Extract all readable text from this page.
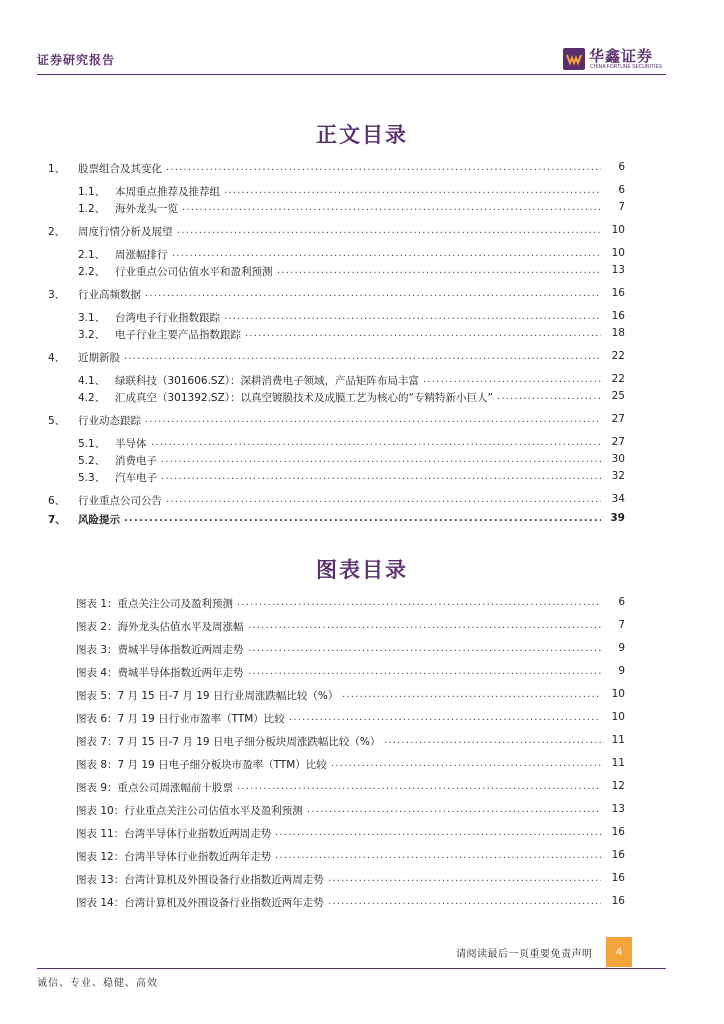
证券研究报告	华鑫证券
CHINA FORTUNE SECURITIES
正文目录
1、 股票组合及其变化 .....	6
1.1、 本周重点推荐及推荐组 .....	6
1.2、 海外龙头一览 .....	7
2、 周度行情分析及展望 .....	10
2.1、 周涨幅排行 .....	10
2.2、 行业重点公司估值水平和盈利预测 .....	13
3、 行业高频数据 .....	16
3.1、 台湾电子行业指数跟踪 .....	16
3.2、 电子行业主要产品指数跟踪 .....	18
4、 近期新股 .....	22
4.1、 绿联科技（301606.SZ）：深耕消费电子领域，产品矩阵布局丰富 .....	22
4.2、 汇成真空（301392.SZ）：以真空镀膜技术及成膜工艺为核心的“专精特新小巨人” .....	25
5、 行业动态跟踪 .....	27
5.1、 半导体 .....	27
5.2、 消费电子 .....	30
5.3、 汽车电子 .....	32
6、 行业重点公司公告 .....	34
7、 风险提示 .....	39
图表目录
图表 1：重点关注公司及盈利预测 .....	6
图表 2：海外龙头估值水平及周涨幅 .....	7
图表 3：费城半导体指数近两周走势 .....	9
图表 4：费城半导体指数近两年走势 .....	9
图表 5：7 月 15 日-7 月 19 日行业周涨跌幅比较（%） .....	10
图表 6：7 月 19 日行业市盈率（TTM）比较 .....	10
图表 7：7 月 15 日-7 月 19 日电子细分板块周涨跌幅比较（%） .....	11
图表 8：7 月 19 日电子细分板块市盈率（TTM）比较 .....	11
图表 9：重点公司周涨幅前十股票 .....	12
图表 10：行业重点关注公司估值水平及盈利预测 .....	13
图表 11：台湾半导体行业指数近两周走势 .....	16
图表 12：台湾半导体行业指数近两年走势 .....	16
图表 13：台湾计算机及外围设备行业指数近两周走势 .....	16
图表 14：台湾计算机及外围设备行业指数近两年走势 .....	16
请阅读最后一页重要免责声明	4
诚信、专业、稳健、高效
